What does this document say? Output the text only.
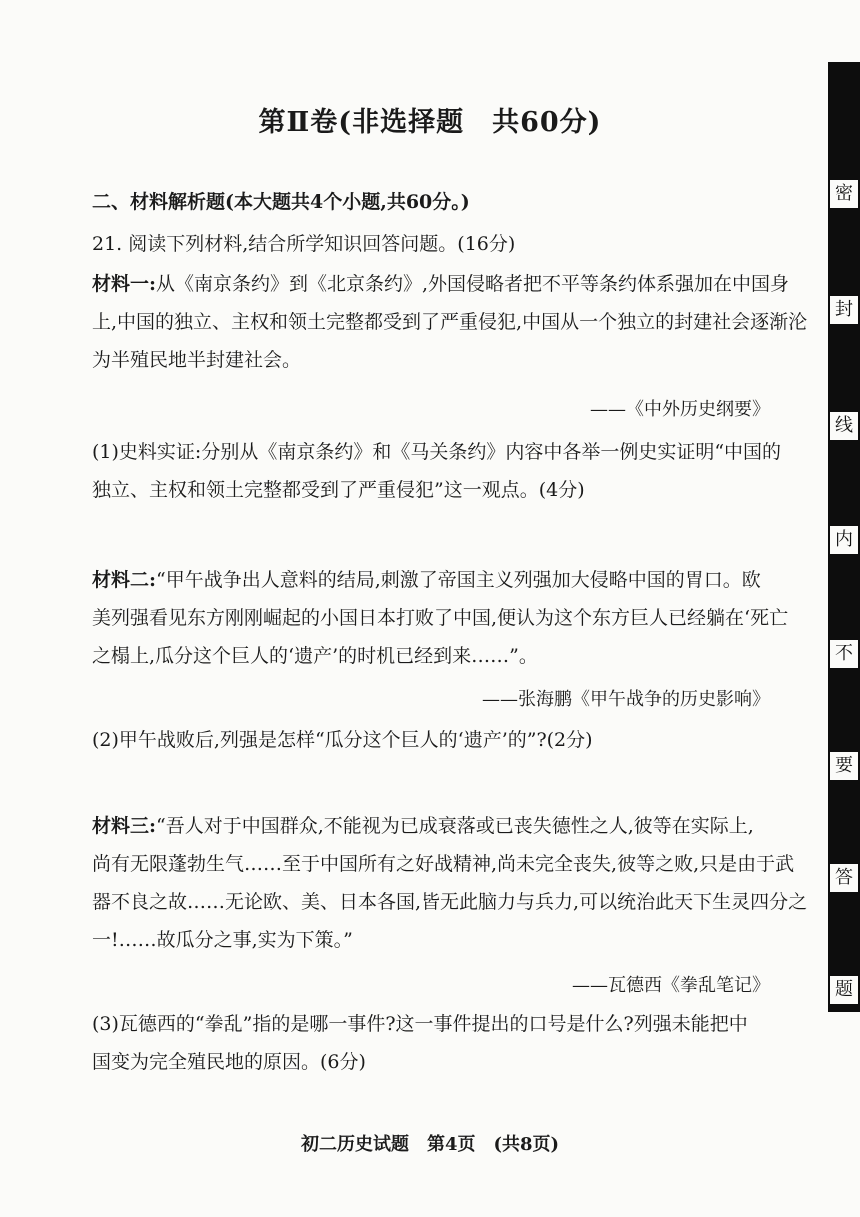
第Ⅱ卷(非选择题　共60分)
二、材料解析题(本大题共4个小题,共60分。)
21. 阅读下列材料,结合所学知识回答问题。(16分)
材料一:从《南京条约》到《北京条约》,外国侵略者把不平等条约体系强加在中国身
上,中国的独立、主权和领土完整都受到了严重侵犯,中国从一个独立的封建社会逐渐沦
为半殖民地半封建社会。
——《中外历史纲要》
(1)史料实证:分别从《南京条约》和《马关条约》内容中各举一例史实证明“中国的
独立、主权和领土完整都受到了严重侵犯”这一观点。(4分)
材料二:“甲午战争出人意料的结局,刺激了帝国主义列强加大侵略中国的胃口。欧
美列强看见东方刚刚崛起的小国日本打败了中国,便认为这个东方巨人已经躺在‘死亡
之榻上,瓜分这个巨人的‘遗产’的时机已经到来……”。
——张海鹏《甲午战争的历史影响》
(2)甲午战败后,列强是怎样“瓜分这个巨人的‘遗产’的”?(2分)
材料三:“吾人对于中国群众,不能视为已成衰落或已丧失德性之人,彼等在实际上,
尚有无限蓬勃生气……至于中国所有之好战精神,尚未完全丧失,彼等之败,只是由于武
器不良之故……无论欧、美、日本各国,皆无此脑力与兵力,可以统治此天下生灵四分之
一!……故瓜分之事,实为下策。”
——瓦德西《拳乱笔记》
(3)瓦德西的“拳乱”指的是哪一事件?这一事件提出的口号是什么?列强未能把中
国变为完全殖民地的原因。(6分)
初二历史试题　第4页　(共8页)
密
封
线
内
不
要
答
题
